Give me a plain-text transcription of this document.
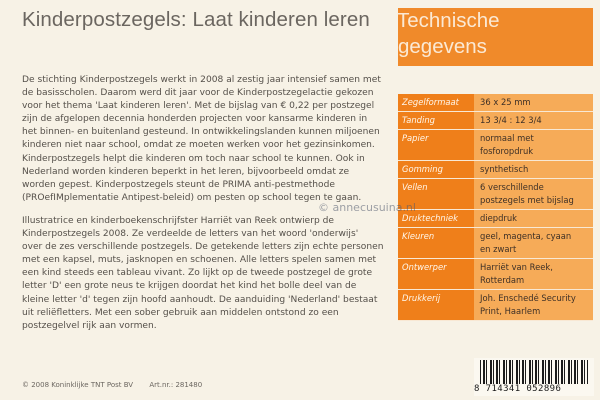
Kinderpostzegels: Laat kinderen leren

De stichting Kinderpostzegels werkt in 2008 al zestig jaar intensief samen met
de basisscholen. Daarom werd dit jaar voor de Kinderpostzegelactie gekozen
voor het thema 'Laat kinderen leren'. Met de bijslag van € 0,22 per postzegel
zijn de afgelopen decennia honderden projecten voor kansarme kinderen in
het binnen- en buitenland gesteund. In ontwikkelingslanden kunnen miljoenen
kinderen niet naar school, omdat ze moeten werken voor het gezinsinkomen.
Kinderpostzegels helpt die kinderen om toch naar school te kunnen. Ook in
Nederland worden kinderen beperkt in het leren, bijvoorbeeld omdat ze
worden gepest. Kinderpostzegels steunt de PRIMA anti-pestmethode
(PROefIMplementatie Antipest-beleid) om pesten op school tegen te gaan.

Illustratrice en kinderboekenschrijfster Harriët van Reek ontwierp de
Kinderpostzegels 2008. Ze verdeelde de letters van het woord 'onderwijs'
over de zes verschillende postzegels. De getekende letters zijn echte personen
met een kapsel, muts, jasknopen en schoenen. Alle letters spelen samen met
een kind steeds een tableau vivant. Zo lijkt op de tweede postzegel de grote
letter 'D' een grote neus te krijgen doordat het kind het bolle deel van de
kleine letter 'd' tegen zijn hoofd aanhoudt. De aanduiding 'Nederland' bestaat
uit reliëfletters. Met een sober gebruik aan middelen ontstond zo een
postzegelvel rijk aan vormen.

Technische
gegevens
Zegelformaat	36 x 25 mm
Tanding	13 3/4 : 12 3/4
Papier	normaal met
fosforopdruk
Gomming	synthetisch
Vellen	6 verschillende
postzegels met bijslag
Druktechniek	diepdruk
Kleuren	geel, magenta, cyaan
en zwart
Ontwerper	Harriët van Reek,
Rotterdam
Drukkerij	Joh. Enschedé Security
Print, Haarlem
© annecusuina.nl
© 2008 Koninklijke TNT Post BV Art.nr.: 281480	8 714341 052896
